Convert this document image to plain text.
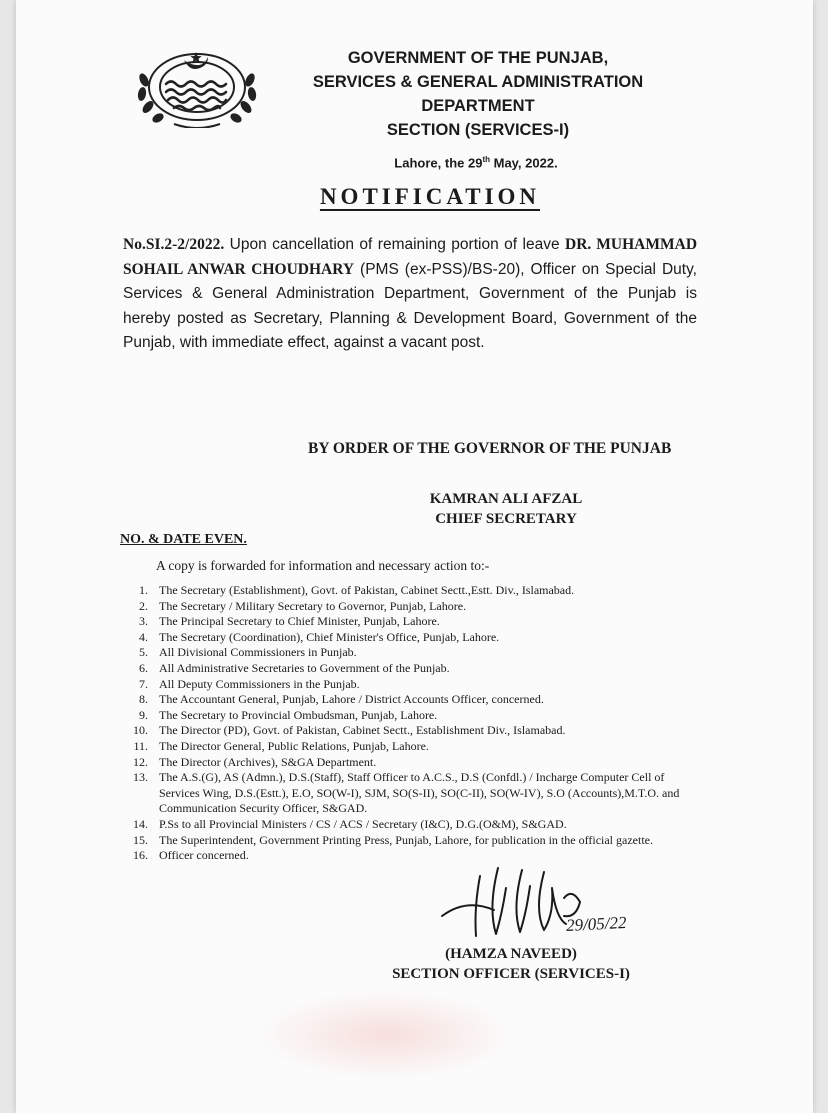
GOVERNMENT OF THE PUNJAB,
SERVICES & GENERAL ADMINISTRATION
DEPARTMENT
SECTION (SERVICES-I)
Lahore, the 29th May, 2022.
NOTIFICATION
No.SI.2-2/2022. Upon cancellation of remaining portion of leave DR. MUHAMMAD SOHAIL ANWAR CHOUDHARY (PMS (ex-PSS)/BS-20), Officer on Special Duty, Services & General Administration Department, Government of the Punjab is hereby posted as Secretary, Planning & Development Board, Government of the Punjab, with immediate effect, against a vacant post.
BY ORDER OF THE GOVERNOR OF THE PUNJAB
KAMRAN ALI AFZAL
CHIEF SECRETARY
NO. & DATE EVEN.
A copy is forwarded for information and necessary action to:-
1. The Secretary (Establishment), Govt. of Pakistan, Cabinet Sectt.,Estt. Div., Islamabad.
2. The Secretary / Military Secretary to Governor, Punjab, Lahore.
3. The Principal Secretary to Chief Minister, Punjab, Lahore.
4. The Secretary (Coordination), Chief Minister's Office, Punjab, Lahore.
5. All Divisional Commissioners in Punjab.
6. All Administrative Secretaries to Government of the Punjab.
7. All Deputy Commissioners in the Punjab.
8. The Accountant General, Punjab, Lahore / District Accounts Officer, concerned.
9. The Secretary to Provincial Ombudsman, Punjab, Lahore.
10. The Director (PD), Govt. of Pakistan, Cabinet Sectt., Establishment Div., Islamabad.
11. The Director General, Public Relations, Punjab, Lahore.
12. The Director (Archives), S&GA Department.
13. The A.S.(G), AS (Admn.), D.S.(Staff), Staff Officer to A.C.S., D.S (Confdl.) / Incharge Computer Cell of Services Wing, D.S.(Estt.), E.O, SO(W-I), SJM, SO(S-II), SO(C-II), SO(W-IV), S.O (Accounts),M.T.O. and Communication Security Officer, S&GAD.
14. P.Ss to all Provincial Ministers / CS / ACS / Secretary (I&C), D.G.(O&M), S&GAD.
15. The Superintendent, Government Printing Press, Punjab, Lahore, for publication in the official gazette.
16. Officer concerned.
29/05/22
(HAMZA NAVEED)
SECTION OFFICER (SERVICES-I)
